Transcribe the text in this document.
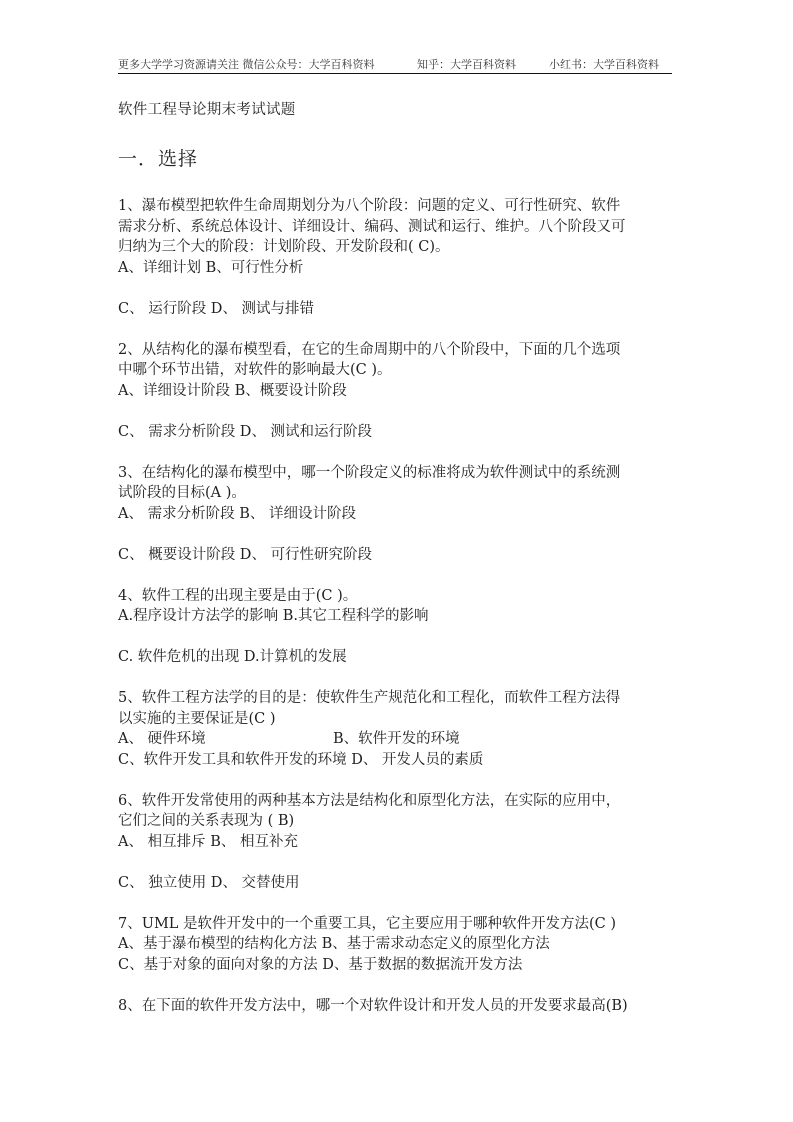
更多大学学习资源请关注 微信公众号：大学百科资料	知乎：大学百科资料	小红书：大学百科资料
软件工程导论期末考试试题
一．选择
1、瀑布模型把软件生命周期划分为八个阶段：问题的定义、可行性研究、软件
需求分析、系统总体设计、详细设计、编码、测试和运行、维护。八个阶段又可
归纳为三个大的阶段：计划阶段、开发阶段和( C)。
A、详细计划 B、可行性分析
C、 运行阶段 D、 测试与排错
2、从结构化的瀑布模型看，在它的生命周期中的八个阶段中，下面的几个选项
中哪个环节出错，对软件的影响最大(C )。
A、详细设计阶段 B、概要设计阶段
C、 需求分析阶段 D、 测试和运行阶段
3、在结构化的瀑布模型中，哪一个阶段定义的标准将成为软件测试中的系统测
试阶段的目标(A )。
A、 需求分析阶段 B、 详细设计阶段
C、 概要设计阶段 D、 可行性研究阶段
4、软件工程的出现主要是由于(C )。
A.程序设计方法学的影响 B.其它工程科学的影响
C. 软件危机的出现 D.计算机的发展
5、软件工程方法学的目的是：使软件生产规范化和工程化，而软件工程方法得
以实施的主要保证是(C )
A、 硬件环境	B、软件开发的环境
C、软件开发工具和软件开发的环境 D、 开发人员的素质
6、软件开发常使用的两种基本方法是结构化和原型化方法，在实际的应用中，
它们之间的关系表现为 ( B)
A、 相互排斥 B、 相互补充
C、 独立使用 D、 交替使用
7、UML 是软件开发中的一个重要工具，它主要应用于哪种软件开发方法(C )
A、基于瀑布模型的结构化方法 B、基于需求动态定义的原型化方法
C、基于对象的面向对象的方法 D、基于数据的数据流开发方法
8、在下面的软件开发方法中，哪一个对软件设计和开发人员的开发要求最高(B)
